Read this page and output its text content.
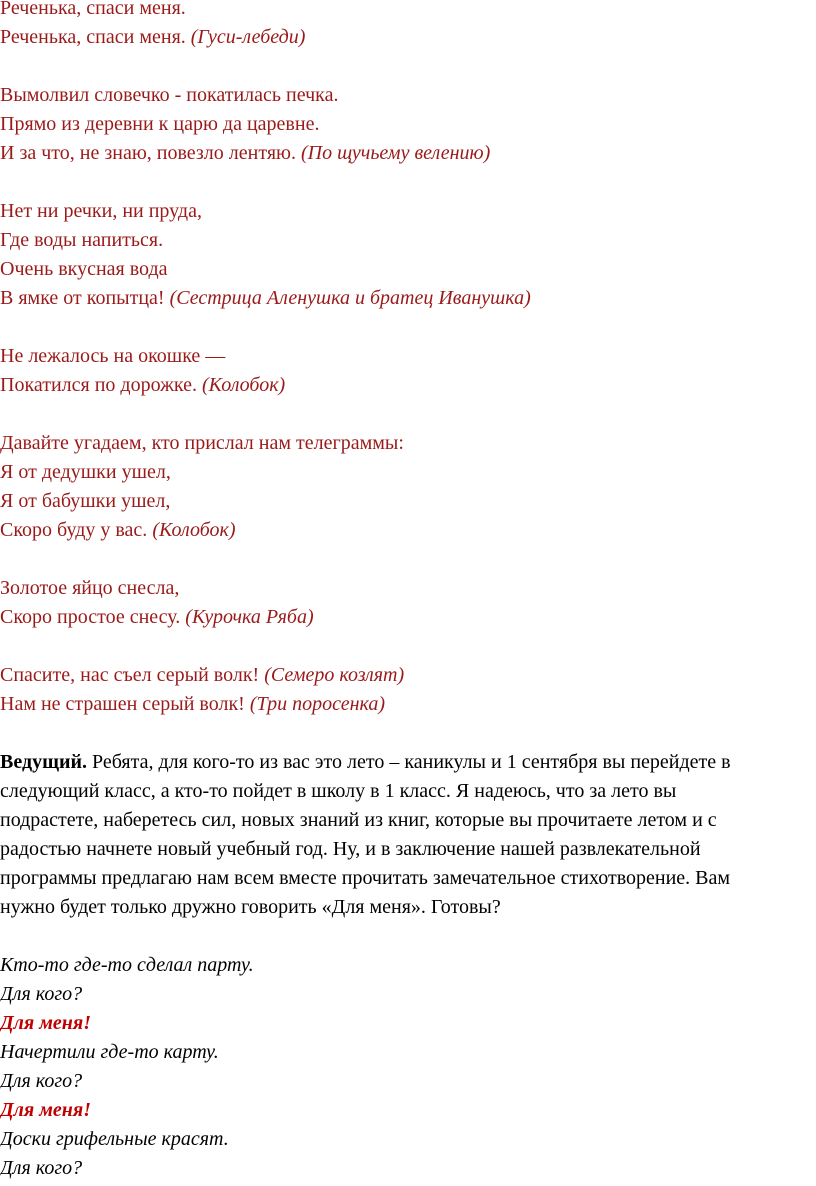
Реченька, спаси меня.
Реченька, спаси меня. (Гуси-лебеди)
Вымолвил словечко - покатилась печка.
Прямо из деревни к царю да царевне.
И за что, не знаю, повезло лентяю. (По щучьему велению)
Нет ни речки, ни пруда,
Где воды напиться.
Очень вкусная вода
В ямке от копытца! (Сестрица Аленушка и братец Иванушка)
Не лежалось на окошке —
Покатился по дорожке. (Колобок)
Давайте угадаем, кто прислал нам телеграммы:
Я от дедушки ушел,
Я от бабушки ушел,
Скоро буду у вас. (Колобок)
Золотое яйцо снесла,
Скоро простое снесу. (Курочка Ряба)
Спасите, нас съел серый волк! (Семеро козлят)
Нам не страшен серый волк! (Три поросенка)
Ведущий. Ребята, для кого-то из вас это лето – каникулы и 1 сентября вы перейдете в
следующий класс, а кто-то пойдет в школу в 1 класс. Я надеюсь, что за лето вы
подрастете, наберетесь сил, новых знаний из книг, которые вы прочитаете летом и с
радостью начнете новый учебный год. Ну, и в заключение нашей развлекательной
программы предлагаю нам всем вместе прочитать замечательное стихотворение. Вам
нужно будет только дружно говорить «Для меня». Готовы?
Кто-то где-то сделал парту.
Для кого?
Для меня!
Начертили где-то карту.
Для кого?
Для меня!
Доски грифельные красят.
Для кого?
